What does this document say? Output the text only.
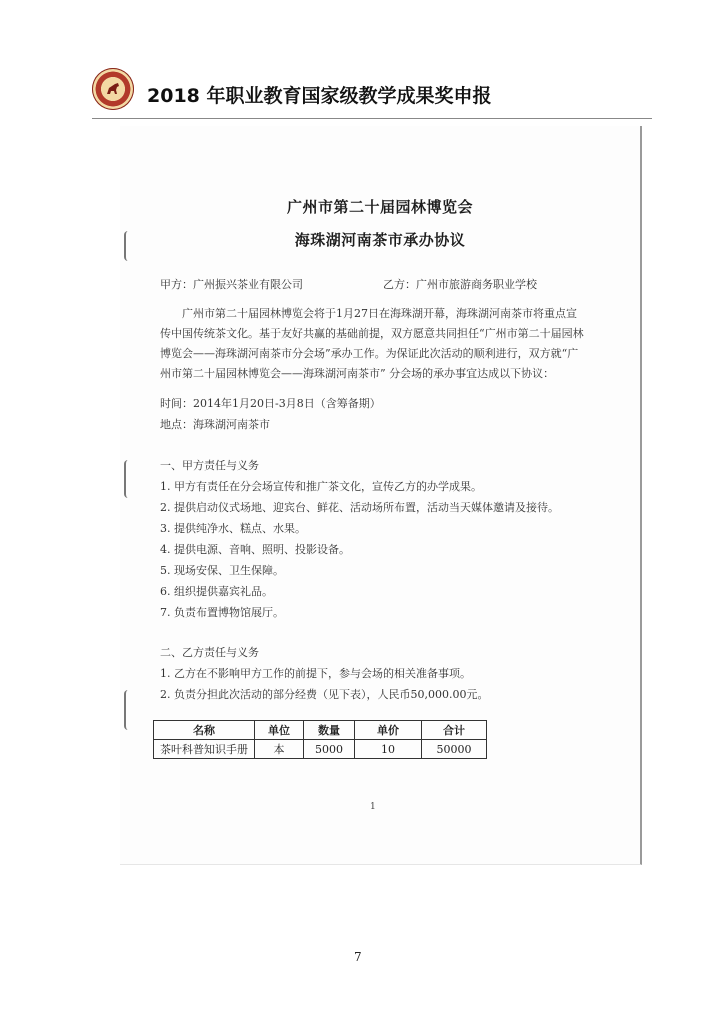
2018 年职业教育国家级教学成果奖申报
广州市第二十届园林博览会
海珠湖河南茶市承办协议
甲方：广州振兴茶业有限公司	乙方：广州市旅游商务职业学校
广州市第二十届园林博览会将于1月27日在海珠湖开幕，海珠湖河南茶市将重点宣传中国传统茶文化。基于友好共赢的基础前提，双方愿意共同担任“广州市第二十届园林博览会——海珠湖河南茶市分会场”承办工作。为保证此次活动的顺利进行，双方就“广州市第二十届园林博览会——海珠湖河南茶市” 分会场的承办事宜达成以下协议：
时间：2014年1月20日-3月8日（含筹备期）
地点：海珠湖河南茶市
一、甲方责任与义务
1. 甲方有责任在分会场宣传和推广茶文化，宣传乙方的办学成果。
2. 提供启动仪式场地、迎宾台、鲜花、活动场所布置，活动当天媒体邀请及接待。
3. 提供纯净水、糕点、水果。
4. 提供电源、音响、照明、投影设备。
5. 现场安保、卫生保障。
6. 组织提供嘉宾礼品。
7. 负责布置博物馆展厅。
二、乙方责任与义务
1. 乙方在不影响甲方工作的前提下，参与会场的相关准备事项。
2. 负责分担此次活动的部分经费（见下表），人民币50,000.00元。
名称	单位	数量	单价	合计
茶叶科普知识手册	本	5000	10	50000
1
7
